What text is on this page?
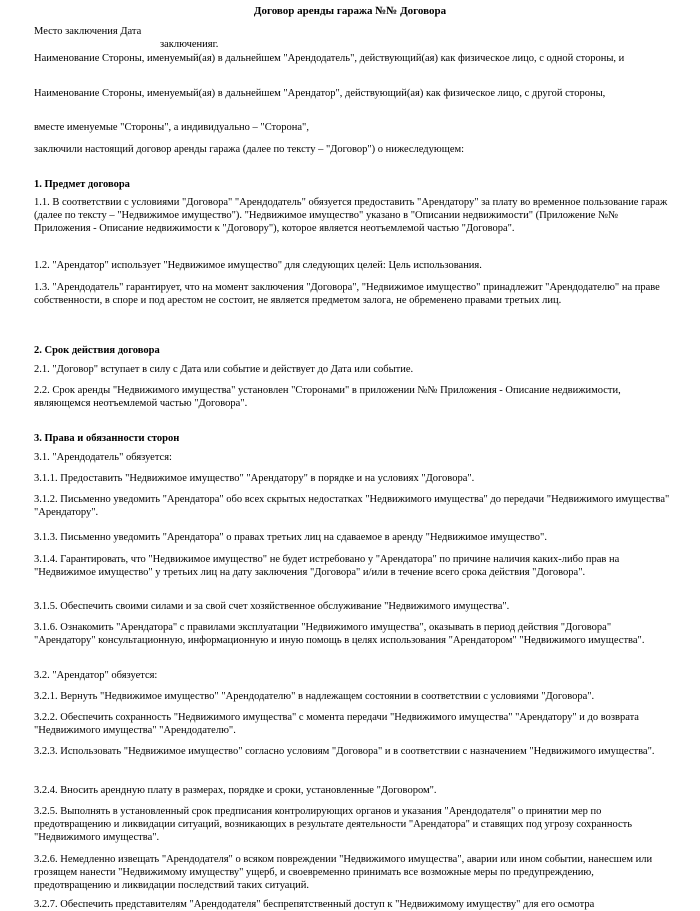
Договор аренды гаража №№ Договора
Место заключения Дата
заключенияг.

Наименование Стороны, именуемый(ая) в дальнейшем "Арендодатель", действующий(ая) как физическое лицо, с одной стороны, и

Наименование Стороны, именуемый(ая) в дальнейшем "Арендатор", действующий(ая) как физическое лицо, с другой стороны,

вместе именуемые "Стороны", а индивидуально – "Сторона",

заключили настоящий договор аренды гаража (далее по тексту – "Договор") о нижеследующем:

1. Предмет договора

1.1. В соответствии с условиями "Договора" "Арендодатель" обязуется предоставить "Арендатору" за плату во временное пользование гараж (далее по тексту – "Недвижимое имущество"). "Недвижимое имущество" указано в "Описании недвижимости" (Приложение №№ Приложения - Описание недвижимости к "Договору"), которое является неотъемлемой частью "Договора".

1.2. "Арендатор" использует "Недвижимое имущество" для следующих целей: Цель использования.

1.3. "Арендодатель" гарантирует, что на момент заключения "Договора", "Недвижимое имущество" принадлежит "Арендодателю" на праве собственности, в споре и под арестом не состоит, не является предметом залога, не обременено правами третьих лиц.

2. Срок действия договора

2.1. "Договор" вступает в силу с Дата или событие и действует до Дата или событие.

2.2. Срок аренды "Недвижимого имущества" установлен "Сторонами" в приложении №№ Приложения - Описание недвижимости, являющемся неотъемлемой частью "Договора".

3. Права и обязанности сторон

3.1. "Арендодатель" обязуется:

3.1.1. Предоставить "Недвижимое имущество" "Арендатору" в порядке и на условиях "Договора".

3.1.2. Письменно уведомить "Арендатора" обо всех скрытых недостатках "Недвижимого имущества" до передачи "Недвижимого имущества" "Арендатору".

3.1.3. Письменно уведомить "Арендатора" о правах третьих лиц на сдаваемое в аренду "Недвижимое имущество".

3.1.4. Гарантировать, что "Недвижимое имущество" не будет истребовано у "Арендатора" по причине наличия каких-либо прав на "Недвижимое имущество" у третьих лиц на дату заключения "Договора" и/или в течение всего срока действия "Договора".

3.1.5. Обеспечить своими силами и за свой счет хозяйственное обслуживание "Недвижимого имущества".

3.1.6. Ознакомить "Арендатора" с правилами эксплуатации "Недвижимого имущества", оказывать в период действия "Договора" "Арендатору" консультационную, информационную и иную помощь в целях использования "Арендатором" "Недвижимого имущества".

3.2. "Арендатор" обязуется:

3.2.1. Вернуть "Недвижимое имущество" "Арендодателю" в надлежащем состоянии в соответствии с условиями "Договора".

3.2.2. Обеспечить сохранность "Недвижимого имущества" с момента передачи "Недвижимого имущества" "Арендатору" и до возврата "Недвижимого имущества" "Арендодателю".

3.2.3. Использовать "Недвижимое имущество" согласно условиям "Договора" и в соответствии с назначением "Недвижимого имущества".

3.2.4. Вносить арендную плату в размерах, порядке и сроки, установленные "Договором".

3.2.5. Выполнять в установленный срок предписания контролирующих органов и указания "Арендодателя" о принятии мер по предотвращению и ликвидации ситуаций, возникающих в результате деятельности "Арендатора" и ставящих под угрозу сохранность "Недвижимого имущества".

3.2.6. Немедленно извещать "Арендодателя" о всяком повреждении "Недвижимого имущества", аварии или ином событии, нанесшем или грозящем нанести "Недвижимому имуществу" ущерб, и своевременно принимать все возможные меры по предупреждению, предотвращению и ликвидации последствий таких ситуаций.

3.2.7. Обеспечить представителям "Арендодателя" беспрепятственный доступ к "Недвижимому имуществу" для его осмотра
